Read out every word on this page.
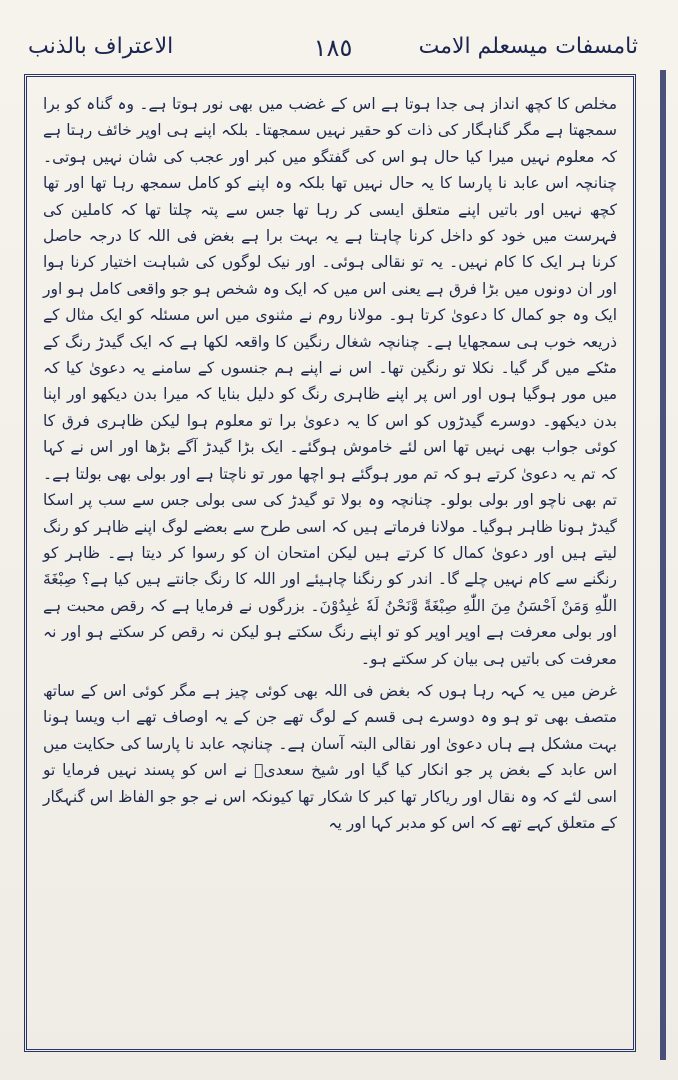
ثامسفات ميسعلم الامت
١٨٥
الاعتراف بالذنب

مخلص کا کچھ انداز ہی جدا ہوتا ہے اس کے غضب میں بھی نور ہوتا ہے۔ وہ گناہ کو برا سمجھتا ہے مگر گناہگار کی ذات کو حقیر نہیں سمجھتا۔ بلکہ اپنے ہی اوپر خائف رہتا ہے کہ معلوم نہیں میرا کیا حال ہو اس کی گفتگو میں کبر اور عجب کی شان نہیں ہوتی۔ چنانچہ اس عابد نا پارسا کا یہ حال نہیں تھا بلکہ وہ اپنے کو کامل سمجھ رہا تھا اور تھا کچھ نہیں اور باتیں اپنے متعلق ایسی کر رہا تھا جس سے پتہ چلتا تھا کہ کاملین کی فہرست میں خود کو داخل کرنا چاہتا ہے یہ بہت برا ہے بغض فی اللہ کا درجہ حاصل کرنا ہر ایک کا کام نہیں۔ یہ تو نقالی ہوئی۔ اور نیک لوگوں کی شباہت اختیار کرنا ہوا اور ان دونوں میں بڑا فرق ہے یعنی اس میں کہ ایک وہ شخص ہو جو واقعی کامل ہو اور ایک وہ جو کمال کا دعویٰ کرتا ہو۔ مولانا روم نے مثنوی میں اس مسئلہ کو ایک مثال کے ذریعہ خوب ہی سمجھایا ہے۔ چنانچہ شغال رنگین کا واقعہ لکھا ہے کہ ایک گیدڑ رنگ کے مٹکے میں گر گیا۔ نکلا تو رنگین تھا۔ اس نے اپنے ہم جنسوں کے سامنے یہ دعویٰ کیا کہ میں مور ہوگیا ہوں اور اس پر اپنے ظاہری رنگ کو دلیل بنایا کہ میرا بدن دیکھو اور اپنا بدن دیکھو۔ دوسرے گیدڑوں کو اس کا یہ دعویٰ برا تو معلوم ہوا لیکن ظاہری فرق کا کوئی جواب بھی نہیں تھا اس لئے خاموش ہوگئے۔ ایک بڑا گیدڑ آگے بڑھا اور اس نے کہا کہ تم یہ دعویٰ کرتے ہو کہ تم مور ہوگئے ہو اچھا مور تو ناچتا ہے اور بولی بھی بولتا ہے۔ تم بھی ناچو اور بولی بولو۔ چنانچہ وہ بولا تو گیدڑ کی سی بولی جس سے سب پر اسکا گیدڑ ہونا ظاہر ہوگیا۔ مولانا فرماتے ہیں کہ اسی طرح سے بعضے لوگ اپنے ظاہر کو رنگ لیتے ہیں اور دعویٰ کمال کا کرتے ہیں لیکن امتحان ان کو رسوا کر دیتا ہے۔ ظاہر کو رنگنے سے کام نہیں چلے گا۔ اندر کو رنگنا چاہیئے اور اللہ کا رنگ جانتے ہیں کیا ہے؟ صِبْغَةَ اللّٰهِ وَمَنْ اَحْسَنُ مِنَ اللّٰهِ صِبْغَةً وَّنَحْنُ لَهٗ عٰبِدُوْنَ۔ بزرگوں نے فرمایا ہے کہ رقص محبت ہے اور بولی معرفت ہے اوپر اوپر کو تو اپنے رنگ سکتے ہو لیکن نہ رقص کر سکتے ہو اور نہ معرفت کی باتیں ہی بیان کر سکتے ہو۔

غرض میں یہ کہہ رہا ہوں کہ بغض فی اللہ بھی کوئی چیز ہے مگر کوئی اس کے ساتھ متصف بھی تو ہو وہ دوسرے ہی قسم کے لوگ تھے جن کے یہ اوصاف تھے اب ویسا ہونا بہت مشکل ہے ہاں دعویٰ اور نقالی البتہ آسان ہے۔ چنانچہ عابد نا پارسا کی حکایت میں اس عابد کے بغض پر جو انکار کیا گیا اور شیخ سعدیؒ نے اس کو پسند نہیں فرمایا تو اسی لئے کہ وہ نقال اور ریاکار تھا کبر کا شکار تھا کیونکہ اس نے جو جو الفاظ اس گنہگار کے متعلق کہے تھے کہ اس کو مدبر کہا اور یہ
